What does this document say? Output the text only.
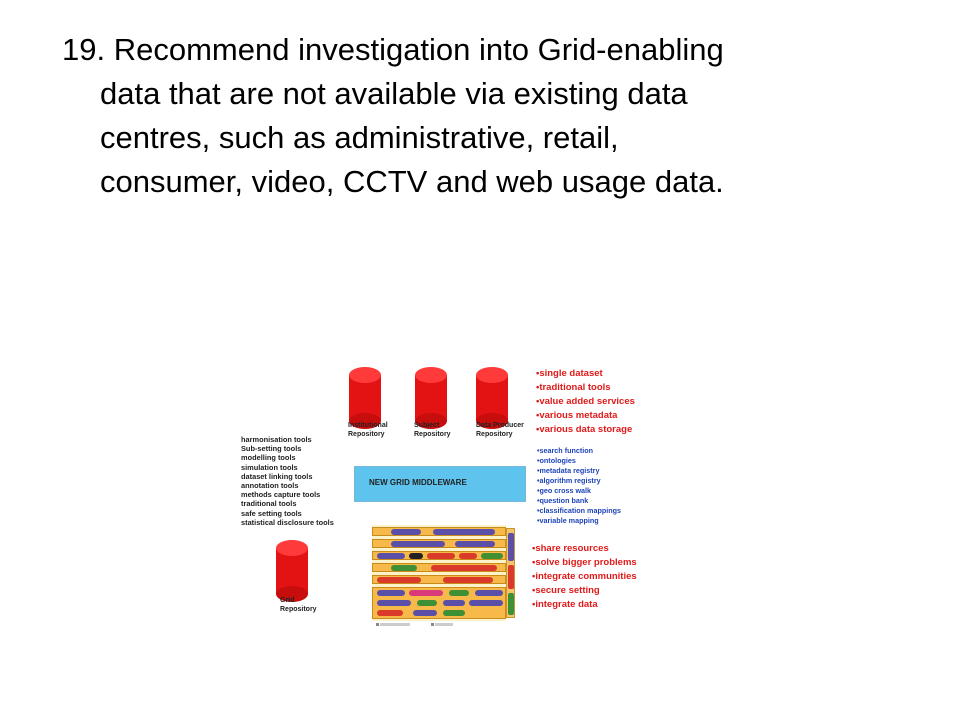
19. Recommend investigation into Grid-enabling
data that are not available via existing data
centres, such as administrative, retail,
consumer, video, CCTV and web usage data.
Institutional
Repository
Subject
Repository
Data Producer
Repository
harmonisation tools
Sub-setting tools
modelling tools
simulation tools
dataset linking tools
annotation tools
methods capture tools
traditional tools
safe setting tools
statistical disclosure tools
NEW GRID MIDDLEWARE
Grid
Repository

•single dataset
•traditional tools
•value added services
•various metadata
•various data storage
•search function
•ontologies
•metadata registry
•algorithm registry
•geo cross walk
•question bank
•classification mappings
•variable mapping
•share resources
•solve bigger problems
•integrate communities
•secure setting
•integrate data
